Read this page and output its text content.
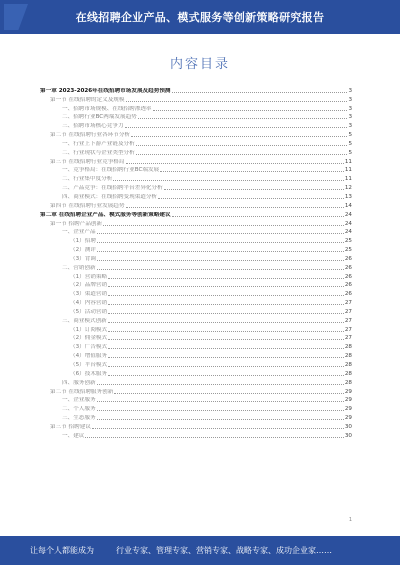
在线招聘企业产品、模式服务等创新策略研究报告
内容目录
第一章 2023-2026年在线招聘市场发展及趋势预测	3
第一节 在线招聘的定义及规模	3
一、招聘市场规模、在线招聘渗透率	3
二、招聘行业BC两端发展趋势	3
三、招聘市场核心竞争力	3
第二节 在线招聘行业各环节分析	5
一、行业上下游产业链及分析	5
二、行业现状与企业类型分析	5
第三节 在线招聘行业竞争格局	11
一、竞争格局：在线招聘行业BC端发展	11
二、行业集中度分析	11
三、产品竞争：在线招聘平台差异化分析	12
四、商业模式：在线招聘变现渠道分析	13
第四节 在线招聘行业发展趋势	14
第二章 在线招聘企业产品、模式服务等创新策略建议	24
第一节 招聘产品创新	24
一、企业产品	24
（1）招聘	25
（2）测评	25
（3）背调	26
二、营销创新	26
（1）营销策略	26
（2）品牌营销	26
（3）渠道营销	26
（4）内容营销	27
（5）活动营销	27
三、商业模式创新	27
（1）订阅模式	27
（2）佣金模式	27
（3）广告模式	28
（4）增值服务	28
（5）平台模式	28
（6）技术服务	28
四、服务创新	28
第二节 在线招聘服务创新	29
一、企业服务	29
二、个人服务	29
三、生态服务	29
第三节 招聘建议	30
一、建议	30
1
让每个人都能成为	行业专家、管理专家、营销专家、战略专家、成功企业家……
